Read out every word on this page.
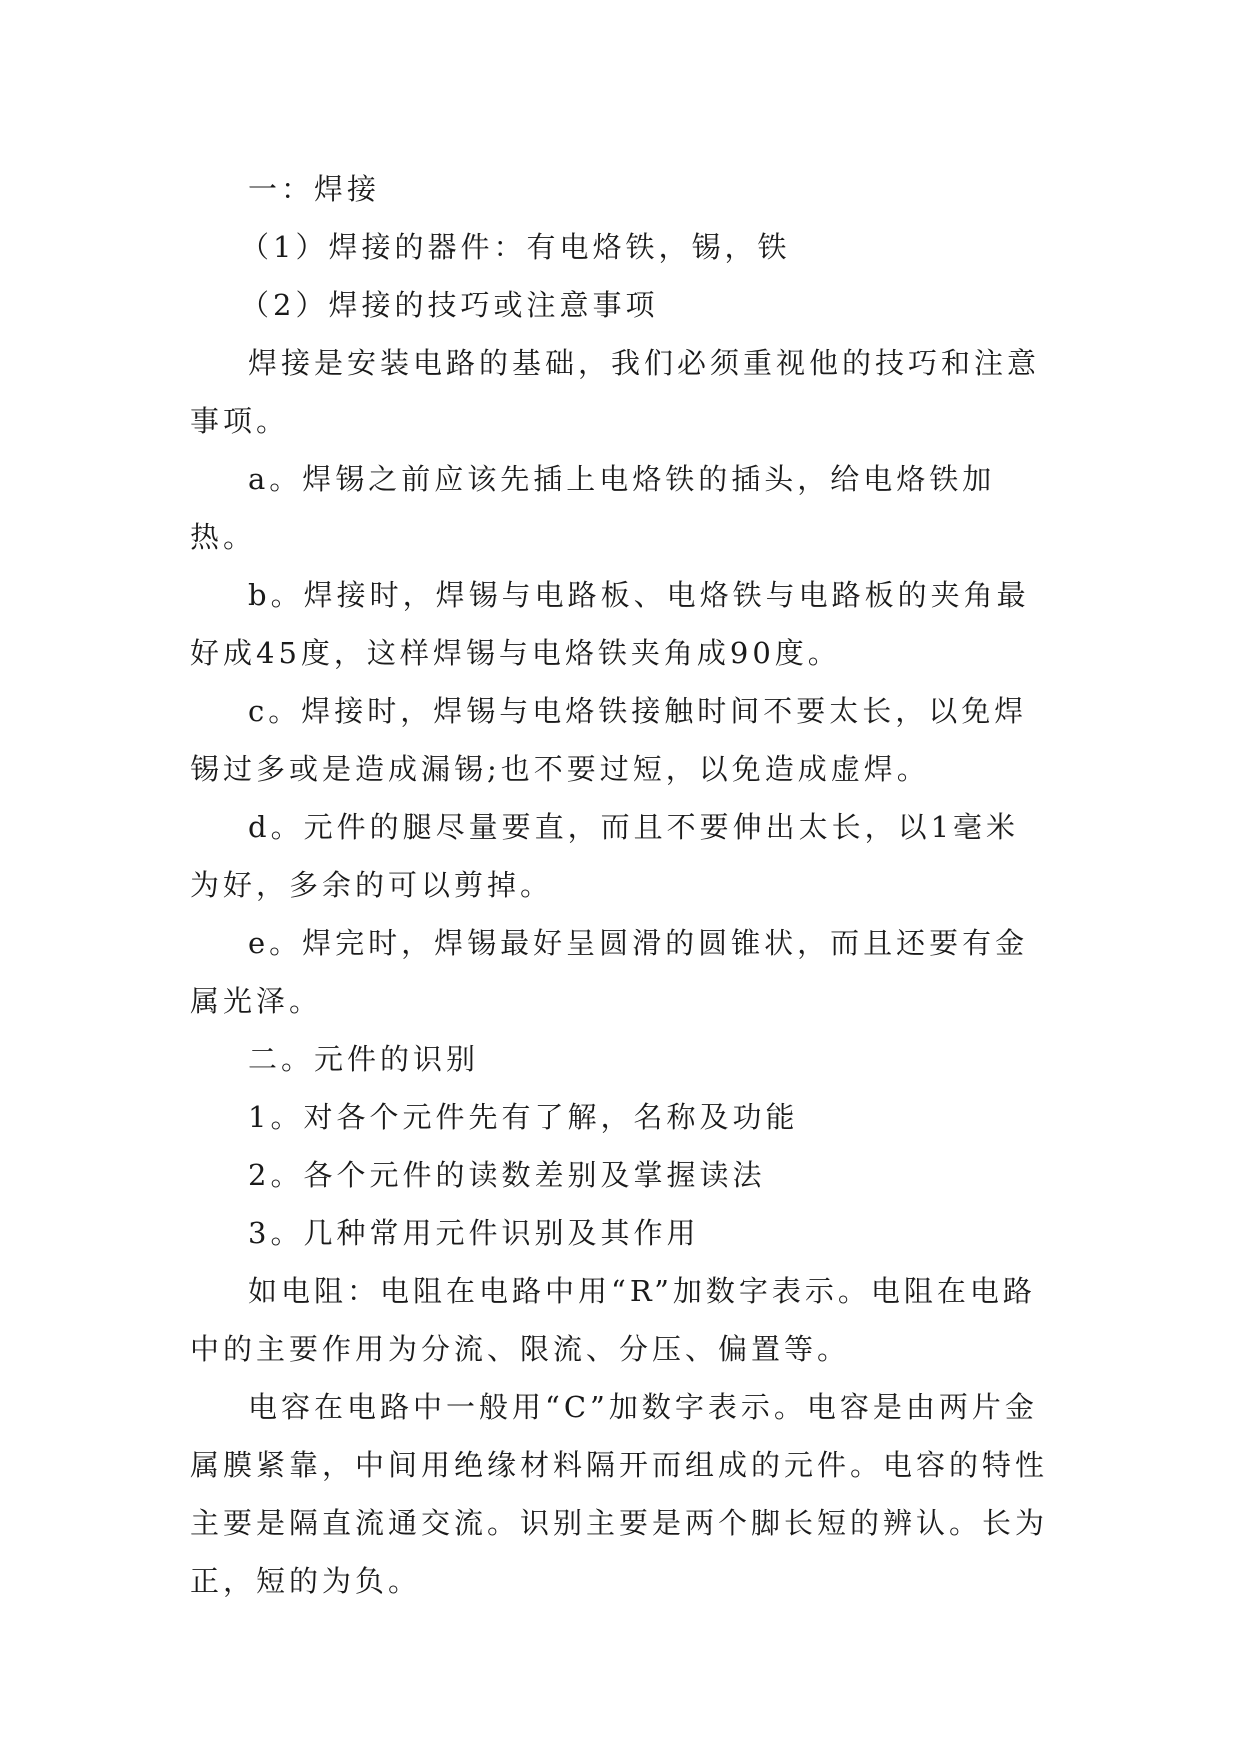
一：焊接

（1）焊接的器件：有电烙铁，锡，铁

（2）焊接的技巧或注意事项

焊接是安装电路的基础，我们必须重视他的技巧和注意事项。

a。焊锡之前应该先插上电烙铁的插头，给电烙铁加热。

b。焊接时，焊锡与电路板、电烙铁与电路板的夹角最好成45度，这样焊锡与电烙铁夹角成90度。

c。焊接时，焊锡与电烙铁接触时间不要太长，以免焊锡过多或是造成漏锡;也不要过短，以免造成虚焊。

d。元件的腿尽量要直，而且不要伸出太长，以1毫米为好，多余的可以剪掉。

e。焊完时，焊锡最好呈圆滑的圆锥状，而且还要有金属光泽。

二。元件的识别

1。对各个元件先有了解，名称及功能

2。各个元件的读数差别及掌握读法

3。几种常用元件识别及其作用

如电阻：电阻在电路中用“R”加数字表示。电阻在电路中的主要作用为分流、限流、分压、偏置等。

电容在电路中一般用“C”加数字表示。电容是由两片金属膜紧靠，中间用绝缘材料隔开而组成的元件。电容的特性主要是隔直流通交流。识别主要是两个脚长短的辨认。长为正，短的为负。
